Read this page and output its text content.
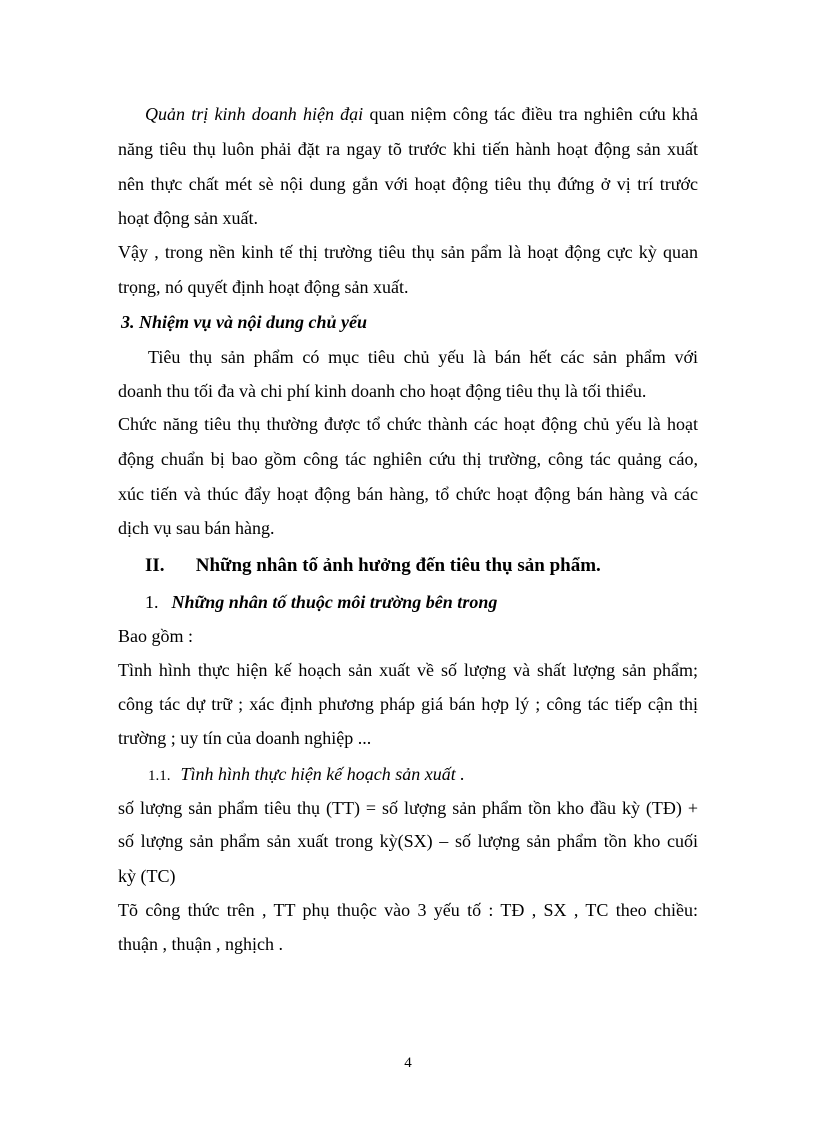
Quản trị kinh doanh hiện đại quan niệm công tác điều tra nghiên cứu khả
năng tiêu thụ luôn phải đặt ra ngay tõ trước khi tiến hành hoạt động sản xuất
nên thực chất mét sè nội dung gắn với hoạt động tiêu thụ đứng ở vị trí trước
hoạt động sản xuất.
Vậy , trong nền kinh tế thị trường tiêu thụ sản pẩm là hoạt động cực kỳ quan
trọng, nó quyết định hoạt động sản xuất.
3. Nhiệm vụ và nội dung chủ yếu
Tiêu thụ sản phẩm có mục tiêu chủ yếu là bán hết các sản phẩm với
doanh thu tối đa và chi phí kinh doanh cho hoạt động tiêu thụ là tối thiểu.
Chức năng tiêu thụ thường được tổ chức thành các hoạt động chủ yếu là hoạt
động chuẩn bị bao gồm công tác nghiên cứu thị trường, công tác quảng cáo,
xúc tiến và thúc đẩy hoạt động bán hàng, tổ chức hoạt động bán hàng và các
dịch vụ sau bán hàng.
II. Những nhân tố ảnh hưởng đến tiêu thụ sản phẩm.
1. Những nhân tố thuộc môi trường bên trong
Bao gồm :
Tình hình thực hiện kế hoạch sản xuất về số lượng và shất lượng sản phẩm;
công tác dự trữ ; xác định phương pháp giá bán hợp lý ; công tác tiếp cận thị
trường ; uy tín của doanh nghiệp ...
1.1. Tình hình thực hiện kế hoạch sản xuất .
số lượng sản phẩm tiêu thụ (TT) = số lượng sản phẩm tồn kho đầu kỳ (TĐ) +
số lượng sản phẩm sản xuất trong kỳ(SX) – số lượng sản phẩm tồn kho cuối
kỳ (TC)
Tõ công thức trên , TT phụ thuộc vào 3 yếu tố : TĐ , SX , TC theo chiều:
thuận , thuận , nghịch .
4
